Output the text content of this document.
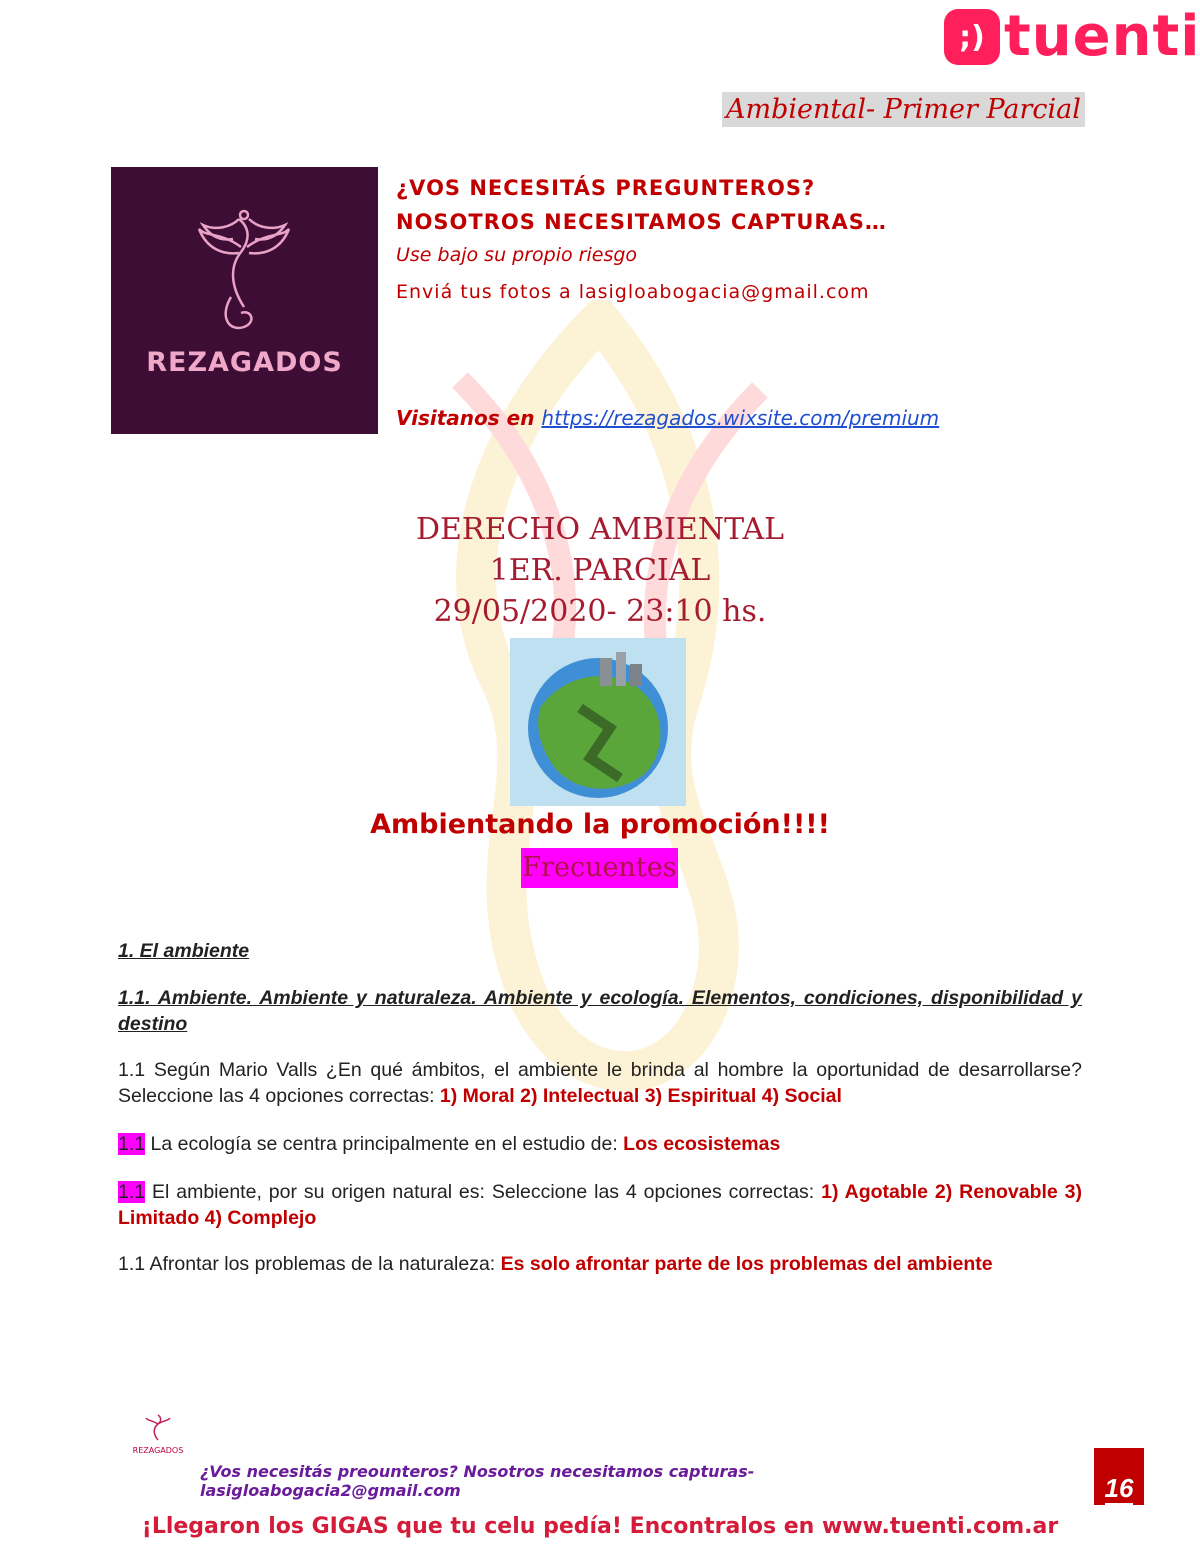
;) tuenti
Ambiental- Primer Parcial
REZAGADOS
¿VOS NECESITÁS PREGUNTEROS?
NOSOTROS NECESITAMOS CAPTURAS…
Use bajo su propio riesgo
Enviá tus fotos a lasigloabogacia@gmail.com
Visitanos en https://rezagados.wixsite.com/premium
DERECHO AMBIENTAL
1ER. PARCIAL
29/05/2020- 23:10 hs.
Ambientando la promoción!!!!
Frecuentes
1. El ambiente
1.1. Ambiente. Ambiente y naturaleza. Ambiente y ecología. Elementos, condiciones, disponibilidad y destino
1.1 Según Mario Valls ¿En qué ámbitos, el ambiente le brinda al hombre la oportunidad de desarrollarse? Seleccione las 4 opciones correctas: 1) Moral 2) Intelectual 3) Espiritual 4) Social
1.1 La ecología se centra principalmente en el estudio de: Los ecosistemas
1.1 El ambiente, por su origen natural es: Seleccione las 4 opciones correctas: 1) Agotable 2) Renovable 3) Limitado 4) Complejo
1.1 Afrontar los problemas de la naturaleza: Es solo afrontar parte de los problemas del ambiente
REZAGADOS
¿Vos necesitás preounteros? Nosotros necesitamos capturas- lasigloabogacia2@gmail.com	16
¡Llegaron los GIGAS que tu celu pedía! Encontralos en www.tuenti.com.ar
